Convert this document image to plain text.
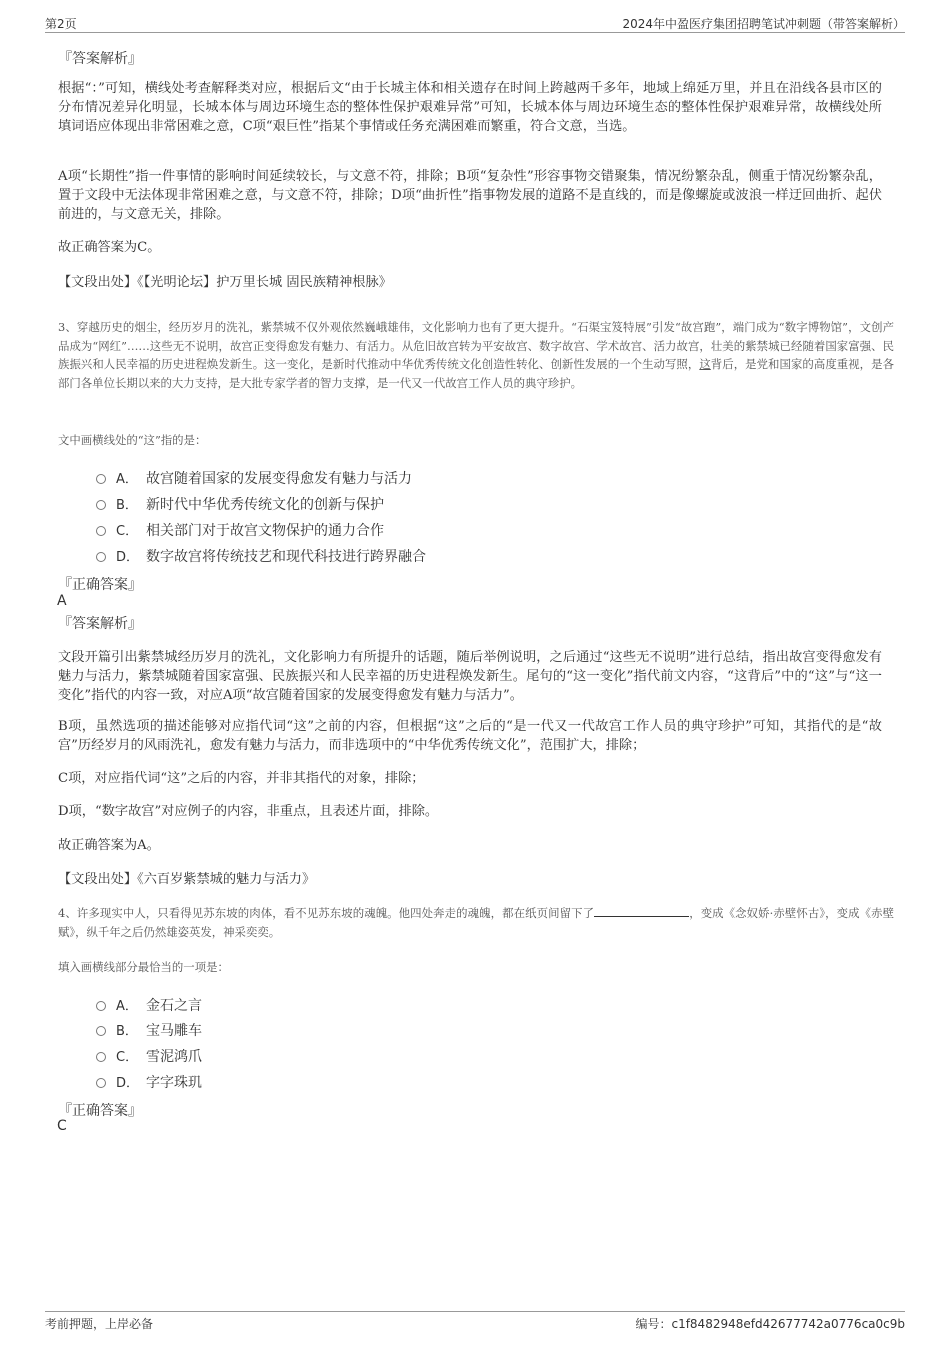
第2页	2024年中盈医疗集团招聘笔试冲刺题（带答案解析）
『答案解析』
根据“：”可知，横线处考查解释类对应，根据后文“由于长城主体和相关遗存在时间上跨越两千多年，地域上绵延万里，并且在沿线各县市区的分布情况差异化明显，长城本体与周边环境生态的整体性保护艰难异常”可知，长城本体与周边环境生态的整体性保护艰难异常，故横线处所填词语应体现出非常困难之意，C项“艰巨性”指某个事情或任务充满困难而繁重，符合文意，当选。
A项“长期性”指一件事情的影响时间延续较长，与文意不符，排除；B项“复杂性”形容事物交错聚集，情况纷繁杂乱，侧重于情况纷繁杂乱，置于文段中无法体现非常困难之意，与文意不符，排除；D项“曲折性”指事物发展的道路不是直线的，而是像螺旋或波浪一样迂回曲折、起伏前进的，与文意无关，排除。
故正确答案为C。
【文段出处】《【光明论坛】护万里长城 固民族精神根脉》
3、穿越历史的烟尘，经历岁月的洗礼，紫禁城不仅外观依然巍峨雄伟，文化影响力也有了更大提升。“石渠宝笈特展”引发“故宫跑”，端门成为“数字博物馆”，文创产品成为“网红”……这些无不说明，故宫正变得愈发有魅力、有活力。从危旧故宫转为平安故宫、数字故宫、学术故宫、活力故宫，壮美的紫禁城已经随着国家富强、民族振兴和人民幸福的历史进程焕发新生。这一变化，是新时代推动中华优秀传统文化创造性转化、创新性发展的一个生动写照，这背后，是党和国家的高度重视，是各部门各单位长期以来的大力支持，是大批专家学者的智力支撑，是一代又一代故宫工作人员的典守珍护。
文中画横线处的“这”指的是：
A． 故宫随着国家的发展变得愈发有魅力与活力
B． 新时代中华优秀传统文化的创新与保护
C． 相关部门对于故宫文物保护的通力合作
D． 数字故宫将传统技艺和现代科技进行跨界融合
『正确答案』
A
『答案解析』
文段开篇引出紫禁城经历岁月的洗礼，文化影响力有所提升的话题，随后举例说明，之后通过“这些无不说明”进行总结，指出故宫变得愈发有魅力与活力，紫禁城随着国家富强、民族振兴和人民幸福的历史进程焕发新生。尾句的“这一变化”指代前文内容，“这背后”中的“这”与“这一变化”指代的内容一致，对应A项“故宫随着国家的发展变得愈发有魅力与活力”。
B项，虽然选项的描述能够对应指代词“这”之前的内容，但根据“这”之后的“是一代又一代故宫工作人员的典守珍护”可知，其指代的是“故宫”历经岁月的风雨洗礼，愈发有魅力与活力，而非选项中的“中华优秀传统文化”，范围扩大，排除；
C项，对应指代词“这”之后的内容，并非其指代的对象，排除；
D项，“数字故宫”对应例子的内容，非重点，且表述片面，排除。
故正确答案为A。
【文段出处】《六百岁紫禁城的魅力与活力》
4、许多现实中人，只看得见苏东坡的肉体，看不见苏东坡的魂魄。他四处奔走的魂魄，都在纸页间留下了	，变成《念奴娇·赤壁怀古》，变成《赤壁赋》，纵千年之后仍然雄姿英发，神采奕奕。
填入画横线部分最恰当的一项是：
A． 金石之言
B． 宝马雕车
C． 雪泥鸿爪
D． 字字珠玑
『正确答案』
C
考前押题，上岸必备	编号：c1f8482948efd42677742a0776ca0c9b
